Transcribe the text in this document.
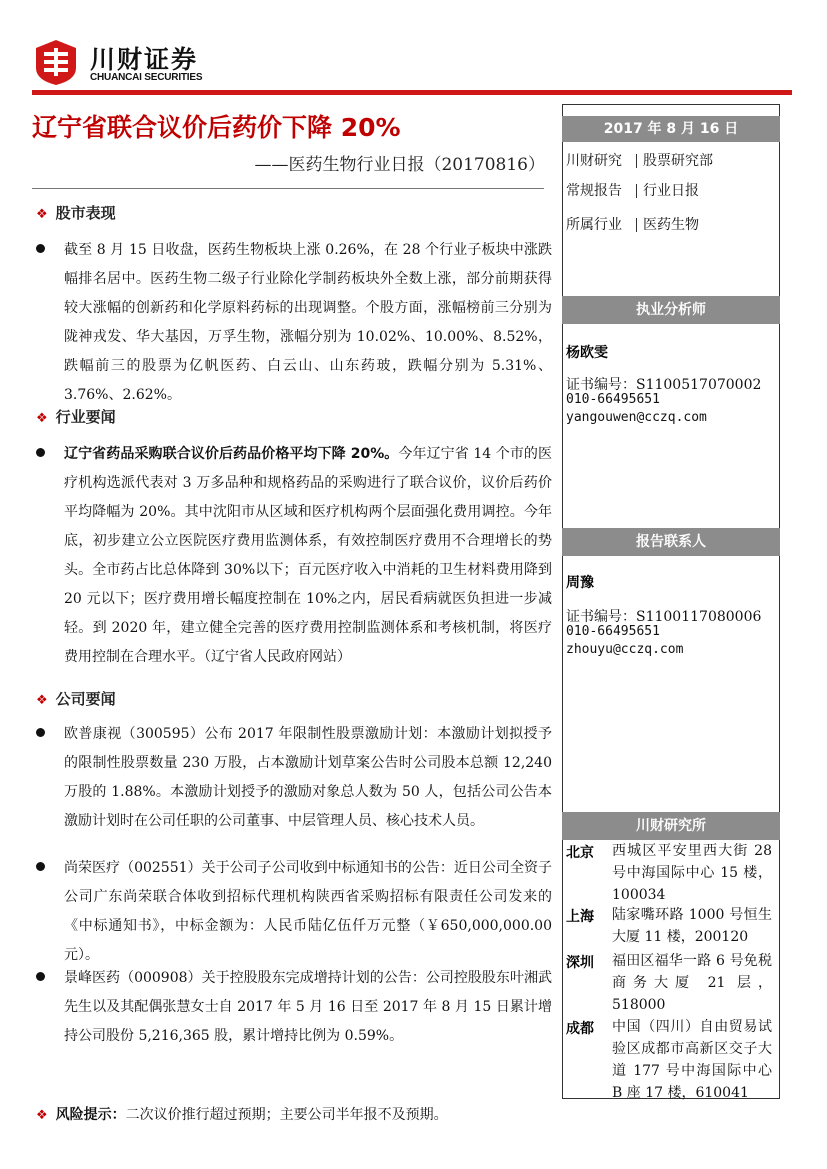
川财证券
CHUANCAI SECURITIES
辽宁省联合议价后药价下降 20%
——医药生物行业日报（20170816）
❖ 股市表现
截至 8 月 15 日收盘，医药生物板块上涨 0.26%，在 28 个行业子板块中涨跌幅排名居中。医药生物二级子行业除化学制药板块外全数上涨，部分前期获得较大涨幅的创新药和化学原料药标的出现调整。个股方面，涨幅榜前三分别为陇神戎发、华大基因，万孚生物，涨幅分别为 10.02%、10.00%、8.52%，跌幅前三的股票为亿帆医药、白云山、山东药玻，跌幅分别为 5.31%、3.76%、2.62%。
❖ 行业要闻
辽宁省药品采购联合议价后药品价格平均下降 20%。今年辽宁省 14 个市的医疗机构选派代表对 3 万多品种和规格药品的采购进行了联合议价，议价后药价平均降幅为 20%。其中沈阳市从区域和医疗机构两个层面强化费用调控。今年底，初步建立公立医院医疗费用监测体系，有效控制医疗费用不合理增长的势头。全市药占比总体降到 30%以下；百元医疗收入中消耗的卫生材料费用降到 20 元以下；医疗费用增长幅度控制在 10%之内，居民看病就医负担进一步减轻。到 2020 年，建立健全完善的医疗费用控制监测体系和考核机制，将医疗费用控制在合理水平。（辽宁省人民政府网站）
❖ 公司要闻
欧普康视（300595）公布 2017 年限制性股票激励计划：本激励计划拟授予的限制性股票数量 230 万股，占本激励计划草案公告时公司股本总额 12,240 万股的 1.88%。本激励计划授予的激励对象总人数为 50 人，包括公司公告本激励计划时在公司任职的公司董事、中层管理人员、核心技术人员。
尚荣医疗（002551）关于公司子公司收到中标通知书的公告：近日公司全资子公司广东尚荣联合体收到招标代理机构陕西省采购招标有限责任公司发来的《中标通知书》，中标金额为：人民币陆亿伍仟万元整（￥650,000,000.00 元）。
景峰医药（000908）关于控股股东完成增持计划的公告：公司控股股东叶湘武先生以及其配偶张慧女士自 2017 年 5 月 16 日至 2017 年 8 月 15 日累计增持公司股份 5,216,365 股，累计增持比例为 0.59%。
❖ 风险提示：二次议价推行超过预期；主要公司半年报不及预期。
2017 年 8 月 16 日
川财研究 股票研究部
常规报告 行业日报
所属行业 医药生物
执业分析师
杨欧雯
证书编号：S1100517070002
010-66495651
yangouwen@cczq.com
报告联系人
周豫
证书编号：S1100117080006
010-66495651
zhouyu@cczq.com
川财研究所
北京 西城区平安里西大街 28 号中海国际中心 15 楼，100034
上海 陆家嘴环路 1000 号恒生大厦 11 楼，200120
深圳 福田区福华一路 6 号免税商务大厦 21 层，518000
成都 中国（四川）自由贸易试验区成都市高新区交子大道 177 号中海国际中心 B 座 17 楼，610041
